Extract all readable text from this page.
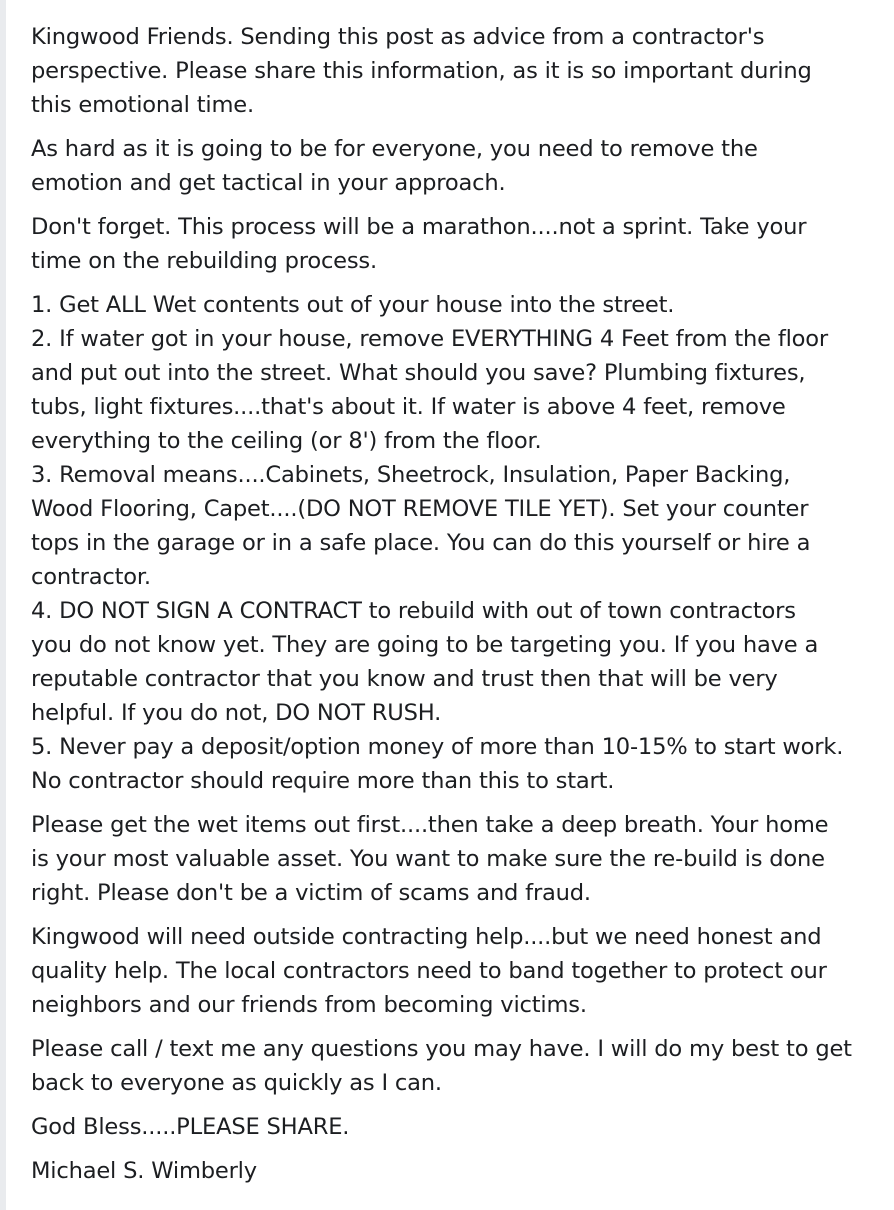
Kingwood Friends. Sending this post as advice from a contractor's
perspective. Please share this information, as it is so important during
this emotional time.

As hard as it is going to be for everyone, you need to remove the
emotion and get tactical in your approach.

Don't forget. This process will be a marathon....not a sprint. Take your
time on the rebuilding process.

1. Get ALL Wet contents out of your house into the street.
2. If water got in your house, remove EVERYTHING 4 Feet from the floor
and put out into the street. What should you save? Plumbing fixtures,
tubs, light fixtures....that's about it. If water is above 4 feet, remove
everything to the ceiling (or 8') from the floor.
3. Removal means....Cabinets, Sheetrock, Insulation, Paper Backing,
Wood Flooring, Capet....(DO NOT REMOVE TILE YET). Set your counter
tops in the garage or in a safe place. You can do this yourself or hire a
contractor.
4. DO NOT SIGN A CONTRACT to rebuild with out of town contractors
you do not know yet. They are going to be targeting you. If you have a
reputable contractor that you know and trust then that will be very
helpful. If you do not, DO NOT RUSH.
5. Never pay a deposit/option money of more than 10-15% to start work.
No contractor should require more than this to start.

Please get the wet items out first....then take a deep breath. Your home
is your most valuable asset. You want to make sure the re-build is done
right. Please don't be a victim of scams and fraud.

Kingwood will need outside contracting help....but we need honest and
quality help. The local contractors need to band together to protect our
neighbors and our friends from becoming victims.

Please call / text me any questions you may have. I will do my best to get
back to everyone as quickly as I can.

God Bless.....PLEASE SHARE.

Michael S. Wimberly
